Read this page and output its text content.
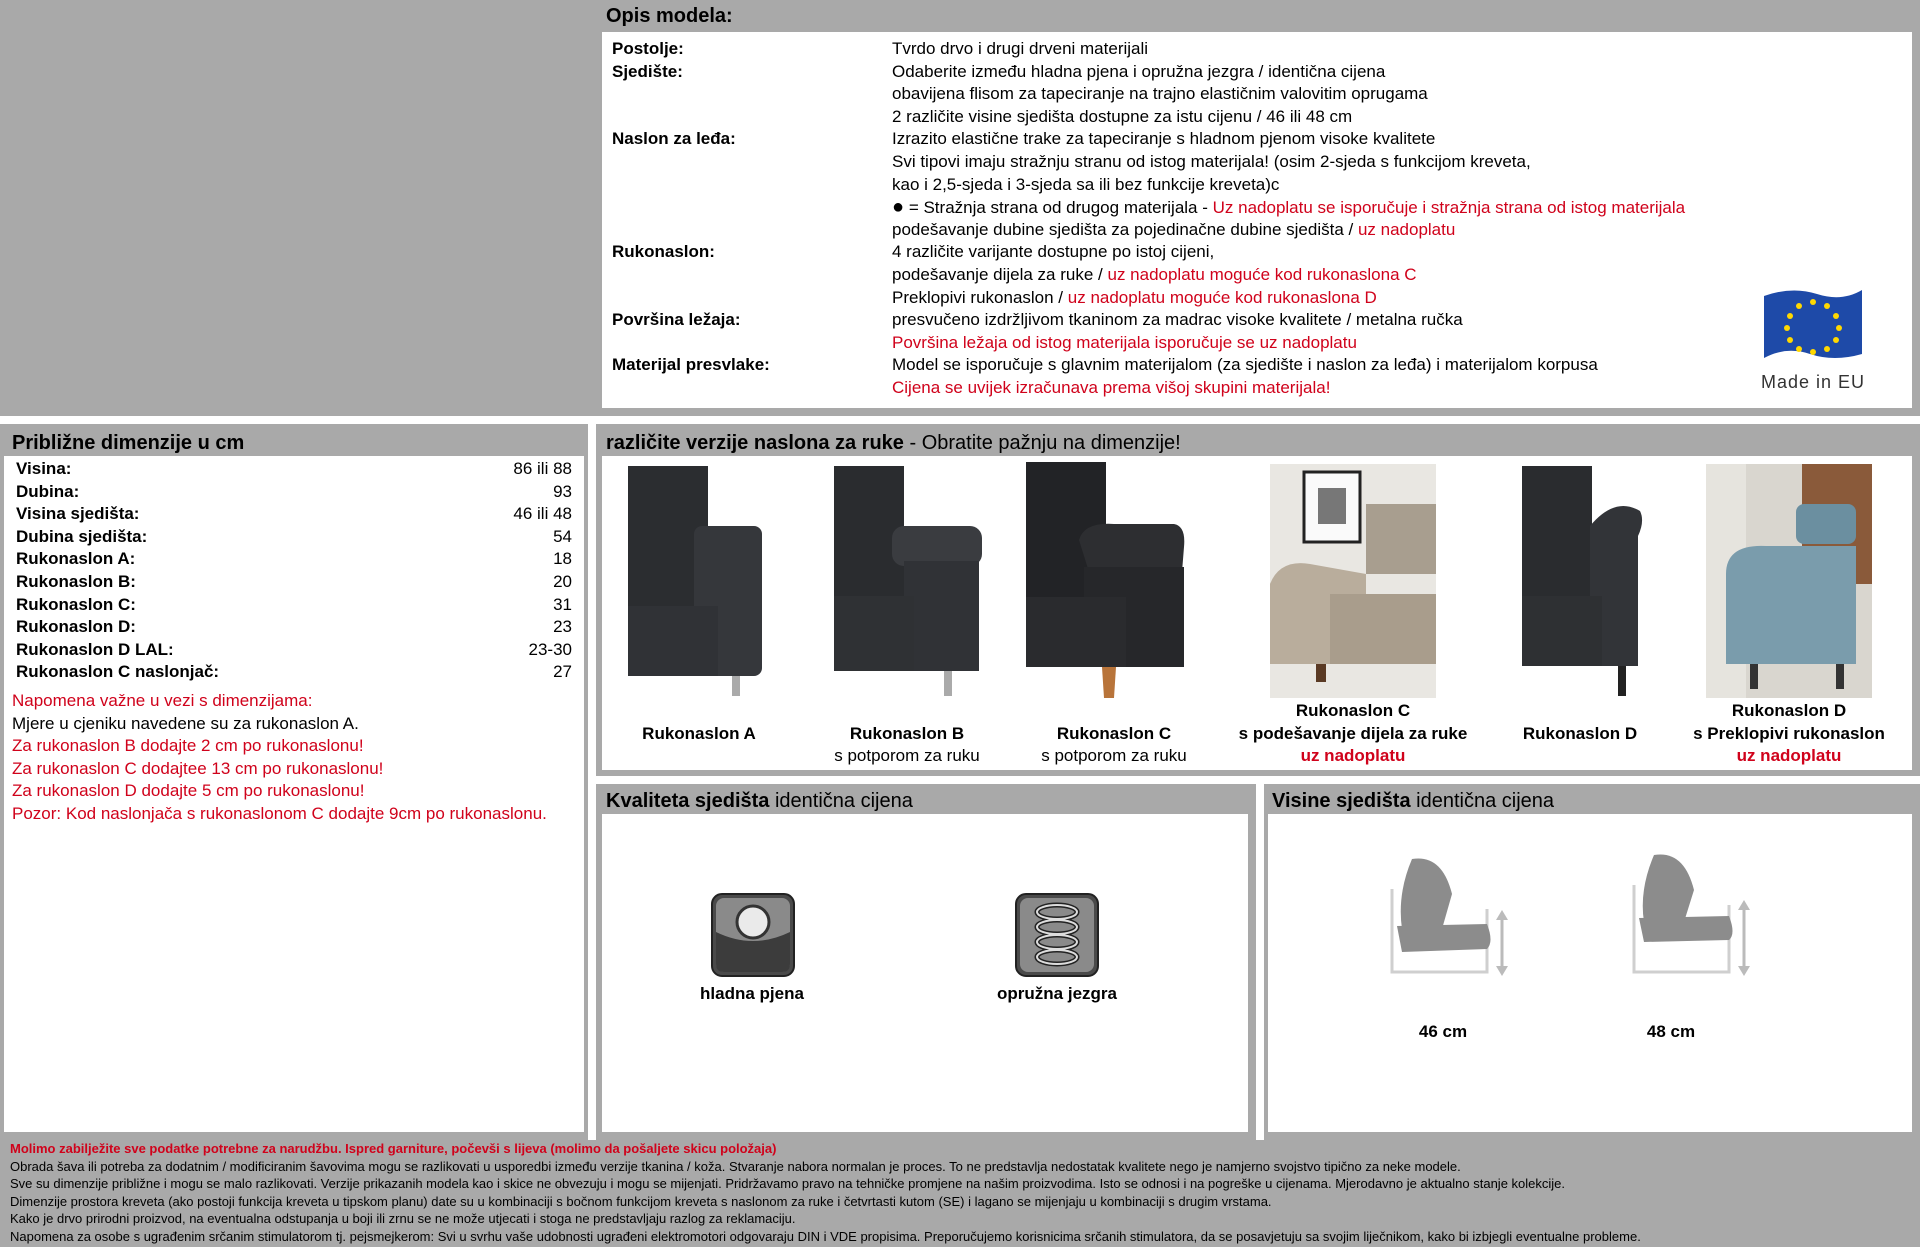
Opis modela:
Postolje:	Tvrdo drvo i drugi drveni materijali
Sjedište:	Odaberite između hladna pjena i opružna jezgra / identična cijena
obavijena flisom za tapeciranje na trajno elastičnim valovitim oprugama
2 različite visine sjedišta dostupne za istu cijenu / 46 ili 48 cm
Naslon za leđa:	Izrazito elastične trake za tapeciranje s hladnom pjenom visoke kvalitete
Svi tipovi imaju stražnju stranu od istog materijala! (osim 2-sjeda s funkcijom kreveta,
kao i 2,5-sjeda i 3-sjeda sa ili bez funkcije kreveta)c
● = Stražnja strana od drugog materijala - Uz nadoplatu se isporučuje i stražnja strana od istog materijala
podešavanje dubine sjedišta za pojedinačne dubine sjedišta / uz nadoplatu
Rukonaslon:	4 različite varijante dostupne po istoj cijeni,
podešavanje dijela za ruke / uz nadoplatu moguće kod rukonaslona C
Preklopivi rukonaslon / uz nadoplatu moguće kod rukonaslona D
Površina ležaja:	presvučeno izdržljivom tkaninom za madrac visoke kvalitete / metalna ručka
Površina ležaja od istog materijala isporučuje se uz nadoplatu
Materijal presvlake:	Model se isporučuje s glavnim materijalom (za sjedište i naslon za leđa) i materijalom korpusa
Cijena se uvijek izračunava prema višoj skupini materijala!	Made in EU
Približne dimenzije u cm
Visina:	86 ili 88
Dubina:	93
Visina sjedišta:	46 ili 48
Dubina sjedišta:	54
Rukonaslon A:	18
Rukonaslon B:	20
Rukonaslon C:	31
Rukonaslon D:	23
Rukonaslon D LAL:	23-30
Rukonaslon C naslonjač:	27
Napomena važne u vezi s dimenzijama:
Mjere u cjeniku navedene su za rukonaslon A.
Za rukonaslon B dodajte 2 cm po rukonaslonu!
Za rukonaslon C dodajtee 13 cm po rukonaslonu!
Za rukonaslon D dodajte 5 cm po rukonaslonu!
Pozor: Kod naslonjača s rukonaslonom C dodajte 9cm po rukonaslonu.
različite verzije naslona za ruke - Obratite pažnju na dimenzije!

Rukonaslon A
	Rukonaslon B
s potporom za ruku

Rukonaslon C
s potporom za ruku
Rukonaslon C
s podešavanje dijela za ruke
uz nadoplatu

Rukonaslon D
Rukonaslon D
s Preklopivi rukonaslon
uz nadoplatu
Kvaliteta sjedišta identična cijena
hladna pjena	opružna jezgra
Visine sjedišta identična cijena
46 cm	48 cm
Molimo zabilježite sve podatke potrebne za narudžbu. Ispred garniture, počevši s lijeva (molimo da pošaljete skicu položaja)
Obrada šava ili potreba za dodatnim / modificiranim šavovima mogu se razlikovati u usporedbi između verzije tkanina / koža. Stvaranje nabora normalan je proces. To ne predstavlja nedostatak kvalitete nego je namjerno svojstvo tipično za neke modele.
Sve su dimenzije približne i mogu se malo razlikovati. Verzije prikazanih modela kao i skice ne obvezuju i mogu se mijenjati. Pridržavamo pravo na tehničke promjene na našim proizvodima. Isto se odnosi i na pogreške u cijenama. Mjerodavno je aktualno stanje kolekcije.
Dimenzije prostora kreveta (ako postoji funkcija kreveta u tipskom planu) date su u kombinaciji s bočnom funkcijom kreveta s naslonom za ruke i četvrtasti kutom (SE) i lagano se mijenjaju u kombinaciji s drugim vrstama.
Kako je drvo prirodni proizvod, na eventualna odstupanja u boji ili zrnu se ne može utjecati i stoga ne predstavljaju razlog za reklamaciju.
Napomena za osobe s ugrađenim srčanim stimulatorom tj. pejsmejkerom: Svi u svrhu vaše udobnosti ugrađeni elektromotori odgovaraju DIN i VDE propisima. Preporučujemo korisnicima srčanih stimulatora, da se posavjetuju sa svojim liječnikom, kako bi izbjegli eventualne probleme.
